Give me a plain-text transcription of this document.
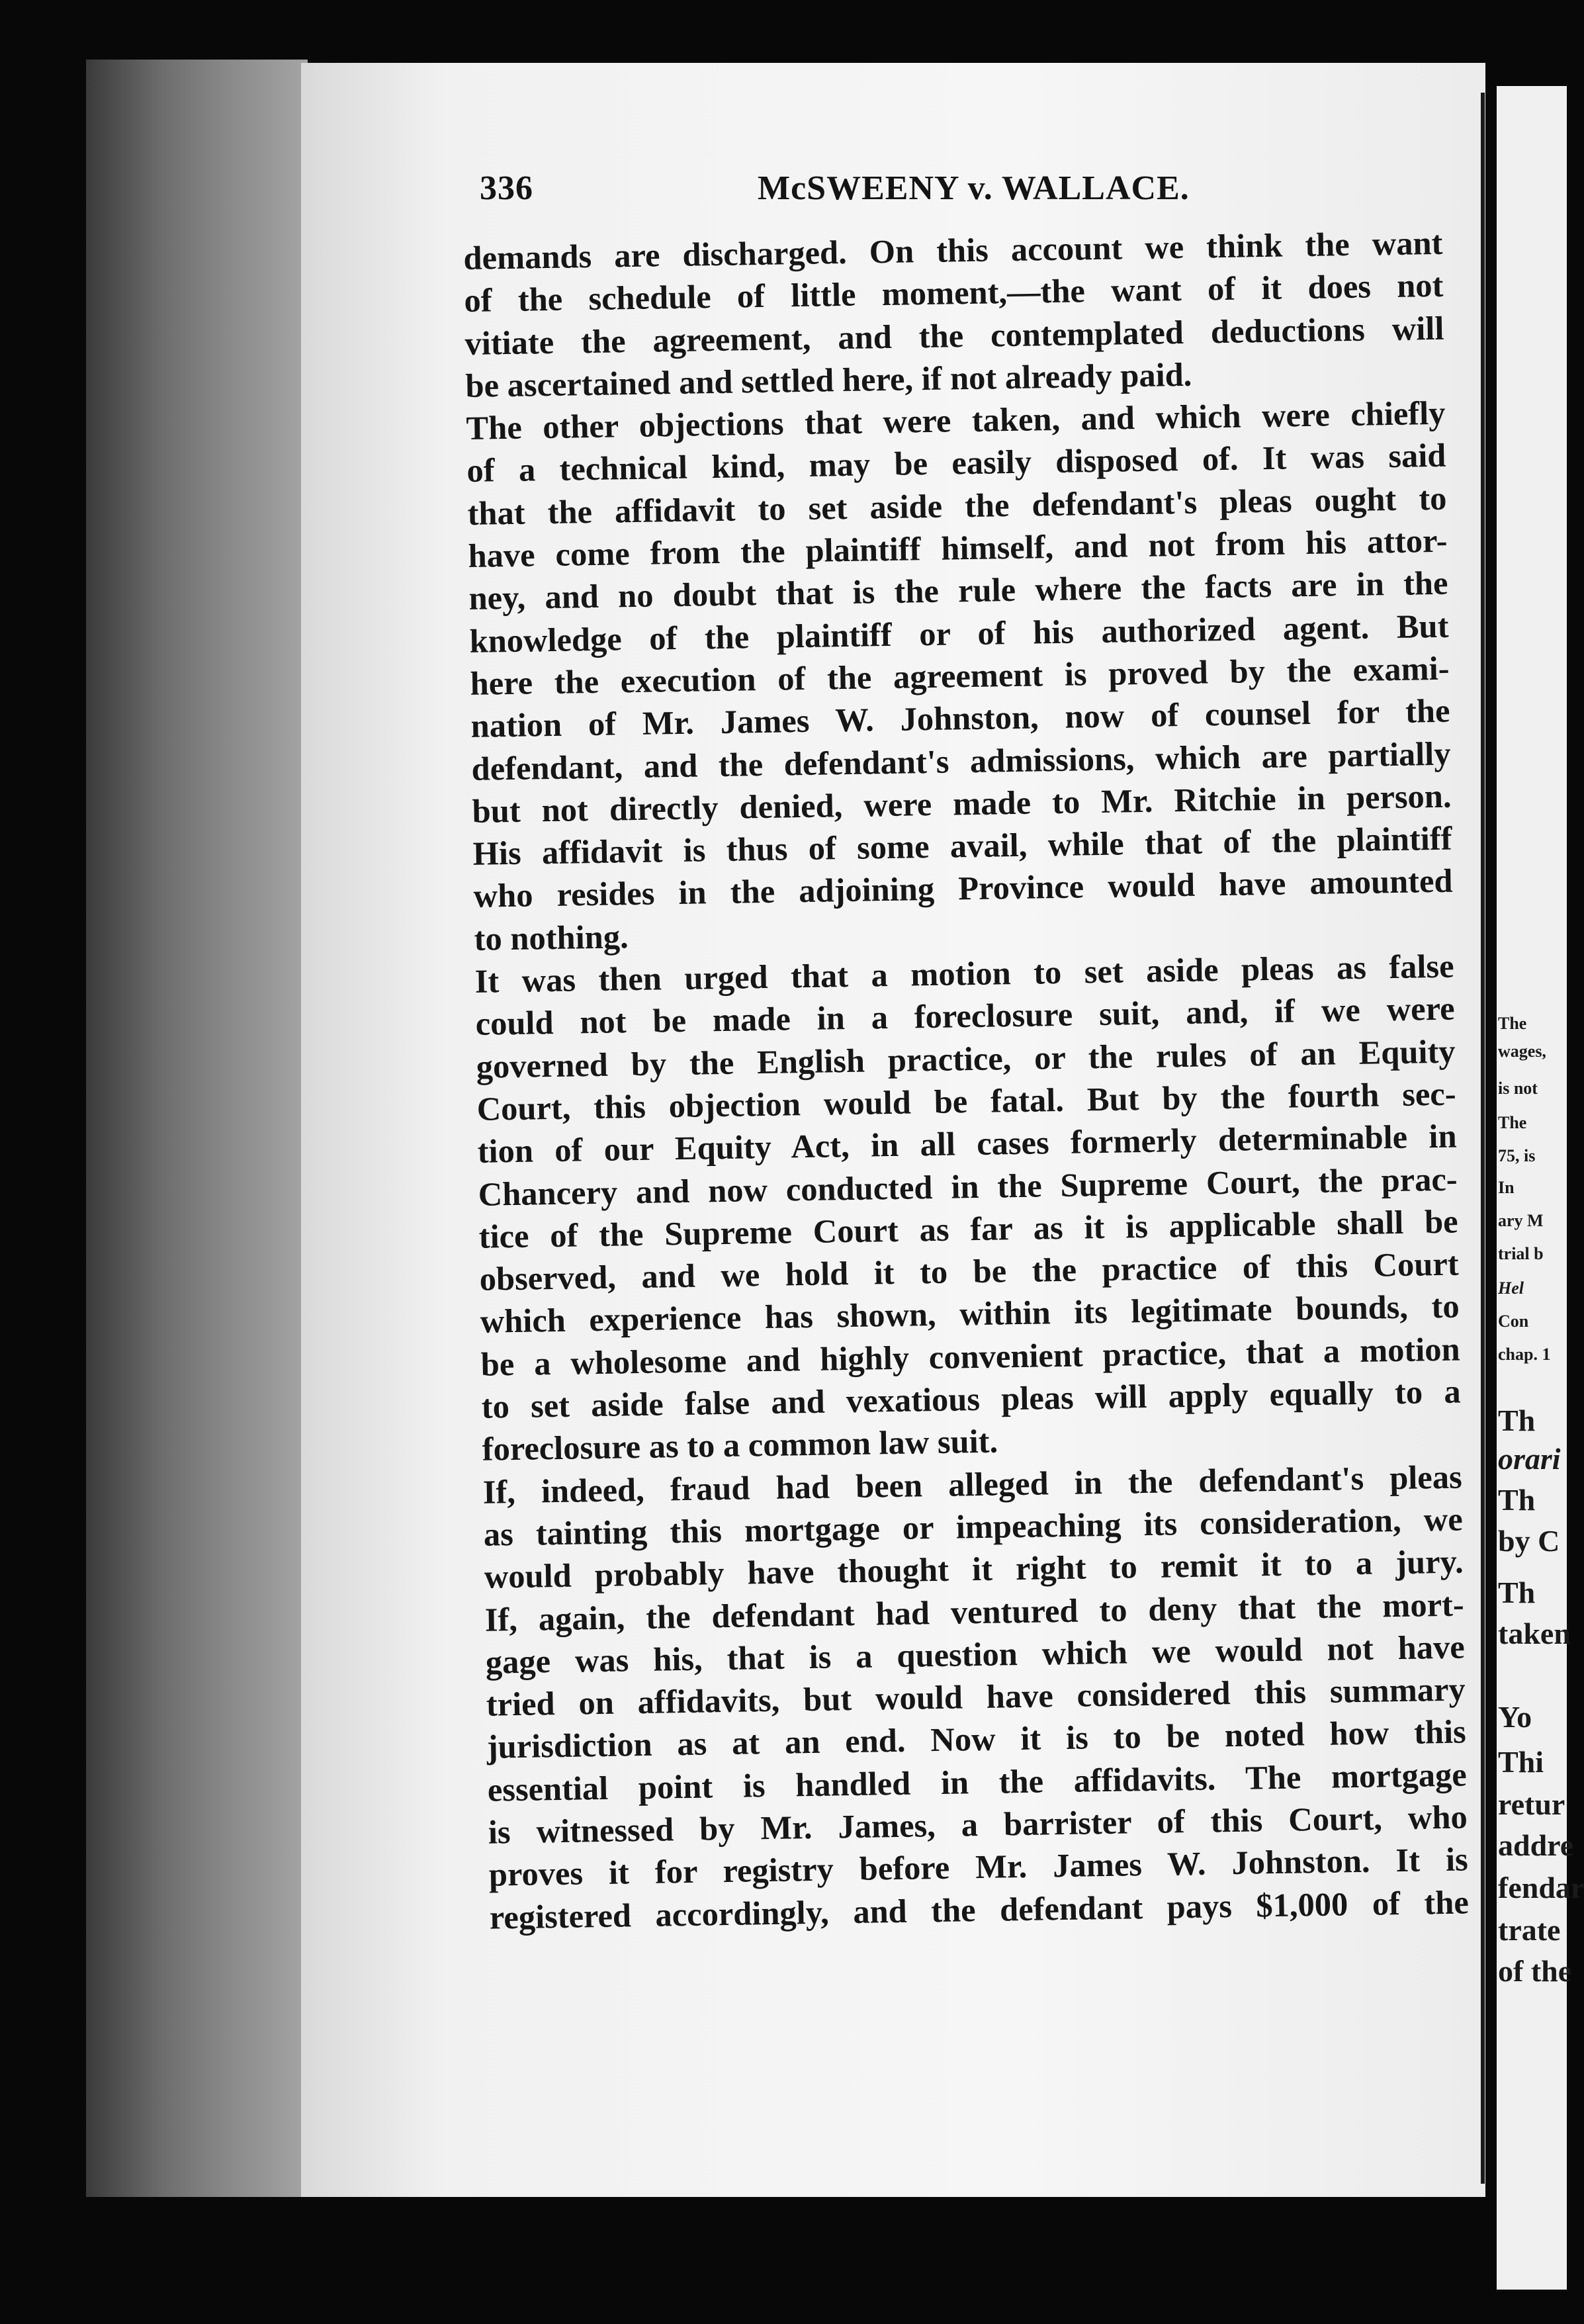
336	McSWEENY v. WALLACE.

demands are discharged. On this account we think the want
of the schedule of little moment,—the want of it does not
vitiate the agreement, and the contemplated deductions will
be ascertained and settled here, if not already paid.

The other objections that were taken, and which were chiefly
of a technical kind, may be easily disposed of. It was said
that the affidavit to set aside the defendant's pleas ought to
have come from the plaintiff himself, and not from his attor-
ney, and no doubt that is the rule where the facts are in the
knowledge of the plaintiff or of his authorized agent. But
here the execution of the agreement is proved by the exami-
nation of Mr. James W. Johnston, now of counsel for the
defendant, and the defendant's admissions, which are partially
but not directly denied, were made to Mr. Ritchie in person.
His affidavit is thus of some avail, while that of the plaintiff
who resides in the adjoining Province would have amounted
to nothing.

It was then urged that a motion to set aside pleas as false
could not be made in a foreclosure suit, and, if we were
governed by the English practice, or the rules of an Equity
Court, this objection would be fatal. But by the fourth sec-
tion of our Equity Act, in all cases formerly determinable in
Chancery and now conducted in the Supreme Court, the prac-
tice of the Supreme Court as far as it is applicable shall be
observed, and we hold it to be the practice of this Court
which experience has shown, within its legitimate bounds, to
be a wholesome and highly convenient practice, that a motion
to set aside false and vexatious pleas will apply equally to a
foreclosure as to a common law suit.

If, indeed, fraud had been alleged in the defendant's pleas
as tainting this mortgage or impeaching its consideration, we
would probably have thought it right to remit it to a jury.
If, again, the defendant had ventured to deny that the mort-
gage was his, that is a question which we would not have
tried on affidavits, but would have considered this summary
jurisdiction as at an end. Now it is to be noted how this
essential point is handled in the affidavits. The mortgage
is witnessed by Mr. James, a barrister of this Court, who
proves it for registry before Mr. James W. Johnston. It is
registered accordingly, and the defendant pays $1,000 of the

The
wages,
is not
The
75, is
In
ary M
trial b
Hel
Con
chap. 1
Th
orari
Th
by C
Th
taken
Yo
Thi
retur
addre
fendar
trate
of the
